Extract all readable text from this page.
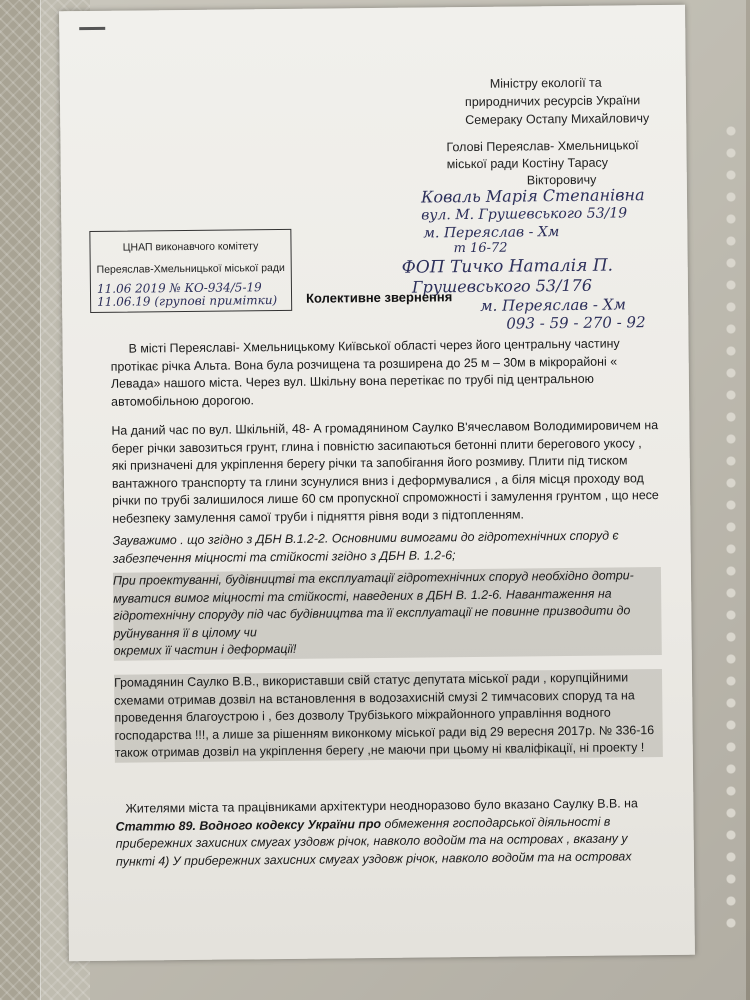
Міністру екології та
природничих ресурсів України
Семераку Остапу Михайловичу
Голові Переяслав- Хмельницької
міської ради Костіну Тарасу
Вікторовичу
Коваль Марія Степанівна
вул. М. Грушевського 53/19
м. Переяслав - Хм
т 16-72
ФОП Тичко Наталія П.
Грушевського 53/176
м. Переяслав - Хм
093 - 59 - 270 - 92
ЦНАП виконавчого комітету
Переяслав-Хмельницької міської ради
11.06 2019 № КО-934/5-19
11.06.19 (групові примітки) Колективне звернення

В місті Переяславі- Хмельницькому Київської області через його центральну частину протікає річка Альта. Вона була розчищена та розширена до 25 м – 30м в мікрорайоні « Левада» нашого міста. Через вул. Шкільну вона перетікає по трубі під центральною автомобільною дорогою.

На даний час по вул. Шкільній, 48- А громадянином Саулко В'ячеславом Володимировичем на берег річки завозиться грунт, глина і повністю засипаються бетонні плити берегового укосу , які призначені для укріплення берегу річки та запобігання його розмиву. Плити під тиском вантажного транспорту та глини зсунулися вниз і деформувалися , а біля місця проходу вод річки по трубі залишилося лише 60 см пропускної спроможності і замулення грунтом , що несе небезпеку замулення самої труби і підняття рівня води з підтопленням.

Зауважимо . що згідно з ДБН В.1.2-2. Основними вимогами до гідротехнічних споруд є забезпечення міцності та стійкості згідно з ДБН В. 1.2-6;

При проектуванні, будівництві та експлуатації гідротехнічних споруд необхідно дотри-муватися вимог міцності та стійкості, наведених в ДБН В. 1.2-6. Навантаження на гідротехнічну споруду під час будівництва та її експлуатації не повинне призводити до руйнування її в цілому чи

окремих її частин і деформації!

Громадянин Саулко В.В., використавши свій статус депутата міської ради , корупційними схемами отримав дозвіл на встановлення в водозахисній смузі 2 тимчасових споруд та на проведення благоустрою і , без дозволу Трубізького міжрайонного управління водного господарства !!!, а лише за рішенням виконкому міської ради від 29 вересня 2017р. № 336-16 також отримав дозвіл на укріплення берегу ,не маючи при цьому ні кваліфікації, ні проекту !

Жителями міста та працівниками архітектури неодноразово було вказано Саулку В.В. на

Статтю 89. Водного кодексу України про обмеження господарської діяльності в прибережних захисних смугах уздовж річок, навколо водойм та на островах , вказану у пункті 4) У прибережних захисних смугах уздовж річок, навколо водойм та на островах
